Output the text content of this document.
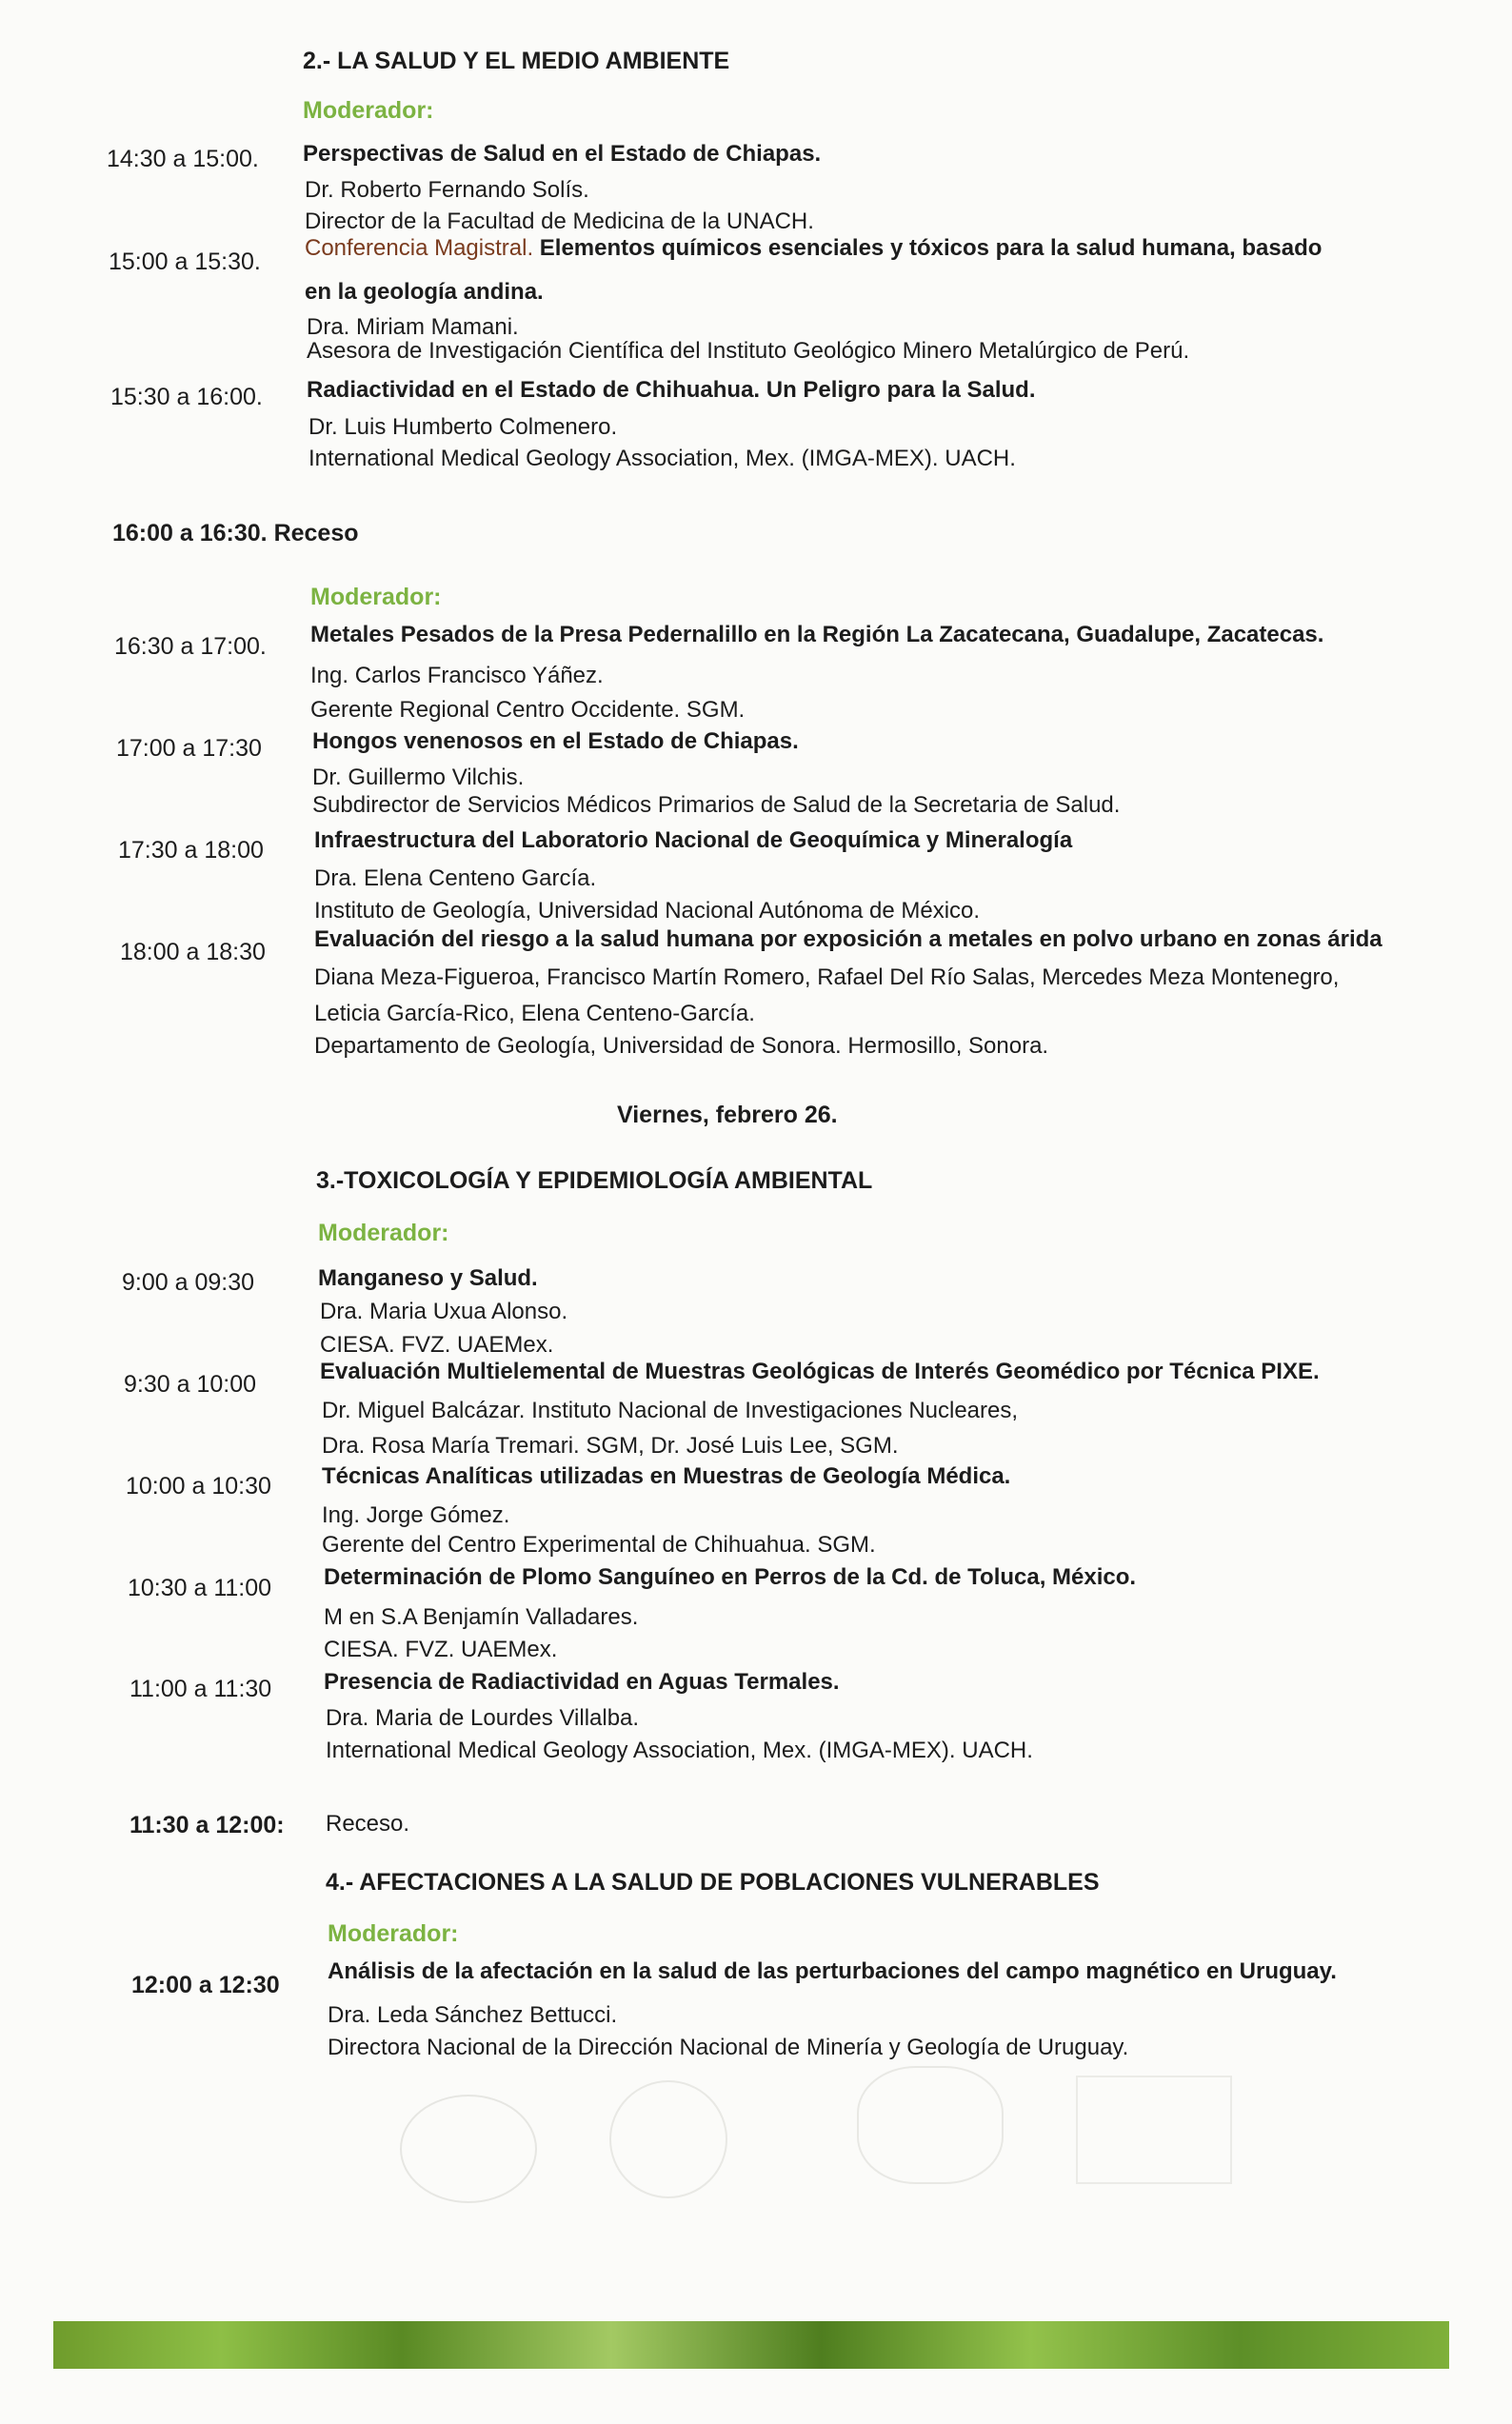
2.- LA SALUD Y EL MEDIO AMBIENTE
Moderador:
14:30 a 15:00. Perspectivas de Salud en el Estado de Chiapas.
Dr. Roberto Fernando Solís.
Director de la Facultad de Medicina de la UNACH.
15:00 a 15:30.
Conferencia Magistral. Elementos químicos esenciales y tóxicos para la salud humana, basado
en la geología andina.
Dra. Miriam Mamani.
Asesora de Investigación Científica del Instituto Geológico Minero Metalúrgico de Perú.
15:30 a 16:00. Radiactividad en el Estado de Chihuahua. Un Peligro para la Salud.
Dr. Luis Humberto Colmenero.
International Medical Geology Association, Mex. (IMGA-MEX). UACH.
16:00 a 16:30. Receso
Moderador:
16:30 a 17:00. Metales Pesados de la Presa Pedernalillo en la Región La Zacatecana, Guadalupe, Zacatecas.
Ing. Carlos Francisco Yáñez.
Gerente Regional Centro Occidente. SGM.
17:00 a 17:30 Hongos venenosos en el Estado de Chiapas.
Dr. Guillermo Vilchis.
Subdirector de Servicios Médicos Primarios de Salud de la Secretaria de Salud.
17:30 a 18:00 Infraestructura del Laboratorio Nacional de Geoquímica y Mineralogía
Dra. Elena Centeno García.
Instituto de Geología, Universidad Nacional Autónoma de México.
18:00 a 18:30 Evaluación del riesgo a la salud humana por exposición a metales en polvo urbano en zonas árida
Diana Meza-Figueroa, Francisco Martín Romero, Rafael Del Río Salas, Mercedes Meza Montenegro,
Leticia García-Rico, Elena Centeno-García.
Departamento de Geología, Universidad de Sonora. Hermosillo, Sonora.
Viernes, febrero 26.
3.-TOXICOLOGÍA Y EPIDEMIOLOGÍA AMBIENTAL
Moderador:
9:00 a 09:30	Manganeso y Salud.
Dra. Maria Uxua Alonso.
CIESA. FVZ. UAEMex.
9:30 a 10:00	Evaluación Multielemental de Muestras Geológicas de Interés Geomédico por Técnica PIXE.
Dr. Miguel Balcázar. Instituto Nacional de Investigaciones Nucleares,
Dra. Rosa María Tremari. SGM, Dr. José Luis Lee, SGM.
10:00 a 10:30 Técnicas Analíticas utilizadas en Muestras de Geología Médica.
Ing. Jorge Gómez.
Gerente del Centro Experimental de Chihuahua. SGM.
10:30 a 11:00 Determinación de Plomo Sanguíneo en Perros de la Cd. de Toluca, México.
M en S.A Benjamín Valladares.
CIESA. FVZ. UAEMex.
11:00 a 11:30 Presencia de Radiactividad en Aguas Termales.
Dra. Maria de Lourdes Villalba.
International Medical Geology Association, Mex. (IMGA-MEX). UACH.
11:30 a 12:00: Receso.
4.- AFECTACIONES A LA SALUD DE POBLACIONES VULNERABLES
Moderador:
12:00 a 12:30
Análisis de la afectación en la salud de las perturbaciones del campo magnético en Uruguay.
Dra. Leda Sánchez Bettucci.
Directora Nacional de la Dirección Nacional de Minería y Geología de Uruguay.
